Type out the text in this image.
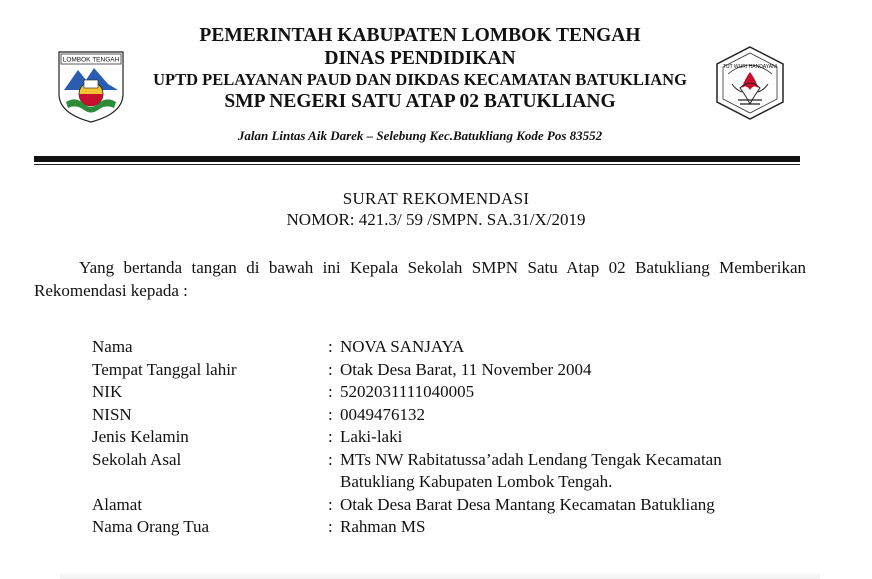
LOMBOK TENGAH
PEMERINTAH KABUPATEN LOMBOK TENGAH
DINAS PENDIDIKAN
UPTD PELAYANAN PAUD DAN DIKDAS KECAMATAN BATUKLIANG
SMP NEGERI SATU ATAP 02 BATUKLIANG
Jalan Lintas Aik Darek – Selebung Kec.Batukliang Kode Pos 83552
TUT WURI HANDAYANI
SURAT REKOMENDASI
NOMOR: 421.3/ 59 /SMPN. SA.31/X/2019
Yang bertanda tangan di bawah ini Kepala Sekolah SMPN Satu Atap 02 Batukliang Memberikan Rekomendasi kepada :
Nama	: NOVA SANJAYA
Tempat Tanggal lahir	: Otak Desa Barat, 11 November 2004
NIK	: 5202031111040005
NISN	: 0049476132
Jenis Kelamin	: Laki-laki
Sekolah Asal	: MTs NW Rabitatussa’adah Lendang Tengak Kecamatan
Batukliang Kabupaten Lombok Tengah.
Alamat	: Otak Desa Barat Desa Mantang Kecamatan Batukliang
Nama Orang Tua	: Rahman MS
